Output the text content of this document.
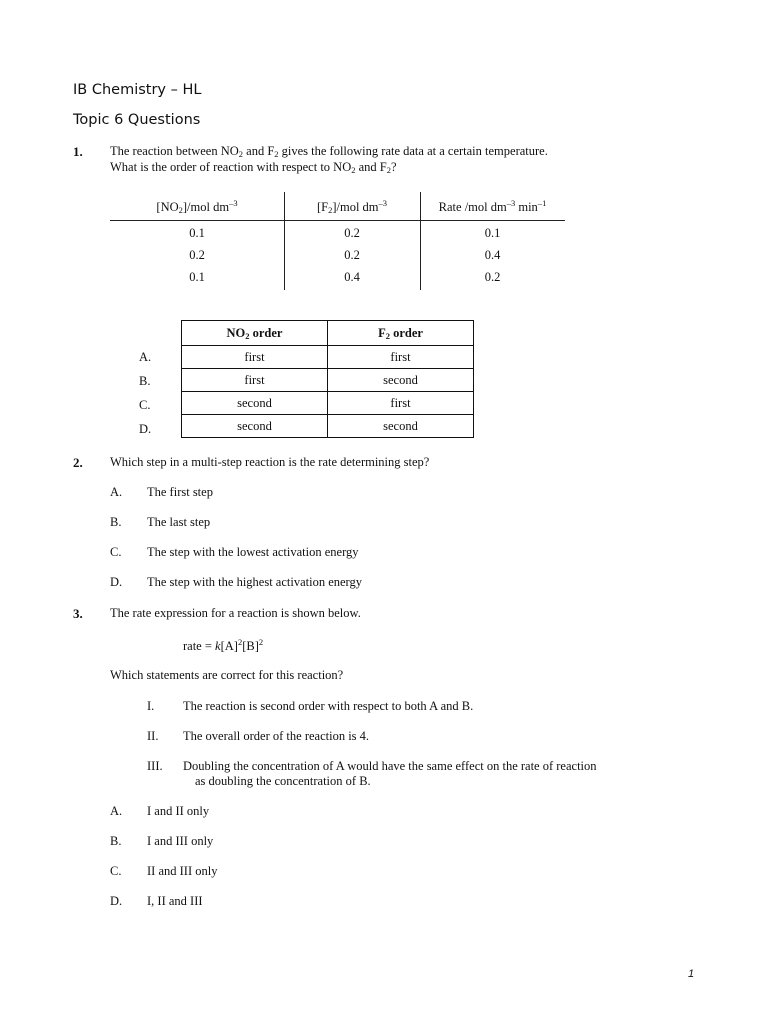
IB Chemistry – HL
Topic 6 Questions
1. The reaction between $NO_2$ and $F_2$ gives the following rate data at a certain temperature.
What is the order of reaction with respect to $NO_2$ and $F_2$?
$[NO_2]$/mol $dm^{-3}$	$[F_2]$/mol $dm^{-3}$	Rate /mol $dm^{-3}$ $\min^{-1}$
0.1	0.2	0.1
0.2	0.2	0.4
0.1	0.4	0.2
A.
B.
C.
D.
$NO_2$ order	$F_2$ order
first	first
first	second
second	first
second	second
2. Which step in a multi-step reaction is the rate determining step?
A. The first step
B. The last step
C. The step with the lowest activation energy
D. The step with the highest activation energy
3. The rate expression for a reaction is shown below.
rate = $k[A]^2[B]^2$
Which statements are correct for this reaction?
I. The reaction is second order with respect to both A and B.
II. The overall order of the reaction is 4.
III. Doubling the concentration of A would have the same effect on the rate of reaction
as doubling the concentration of B.
A. I and II only
B. I and III only
C. II and III only
D. I, II and III
1
